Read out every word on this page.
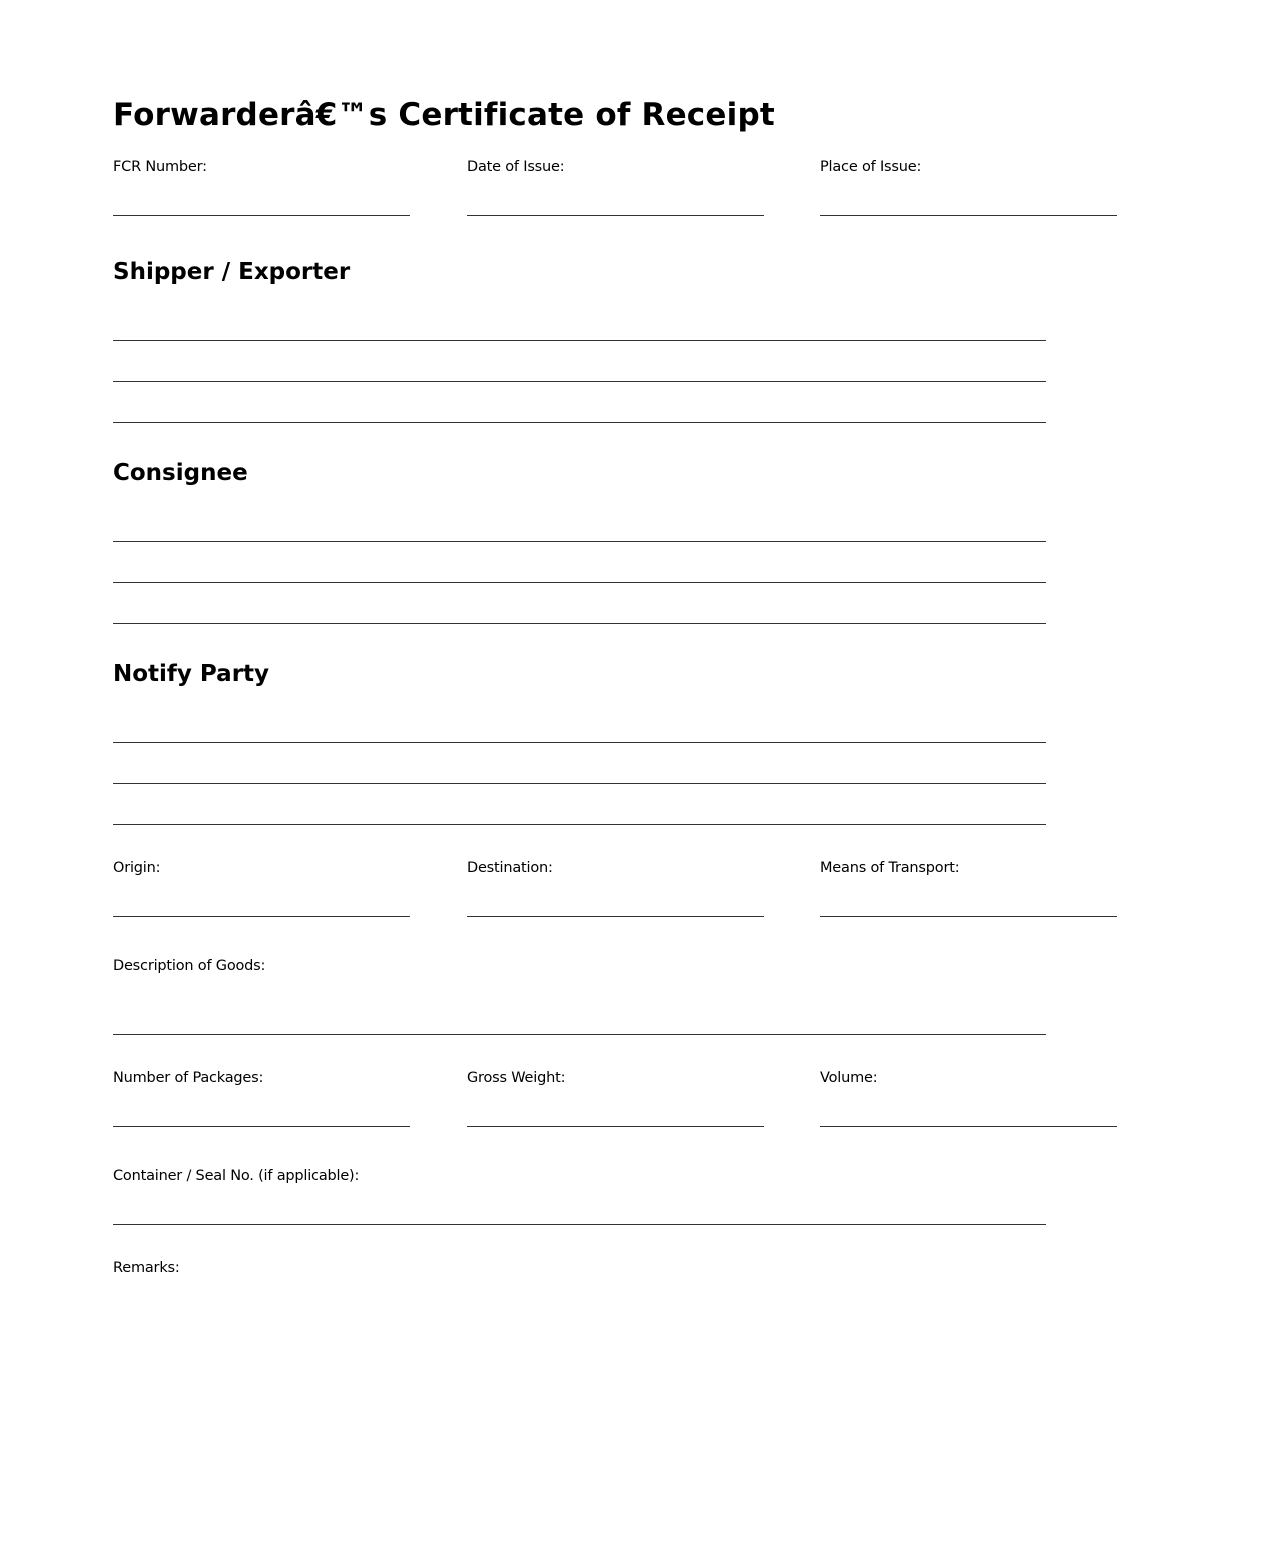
Forwarderâ€™s Certificate of Receipt
FCR Number:	Date of Issue:	Place of Issue:
Shipper / Exporter
Consignee
Notify Party
Origin:	Destination:	Means of Transport:
Description of Goods:
Number of Packages:	Gross Weight:	Volume:
Container / Seal No. (if applicable):
Remarks:
